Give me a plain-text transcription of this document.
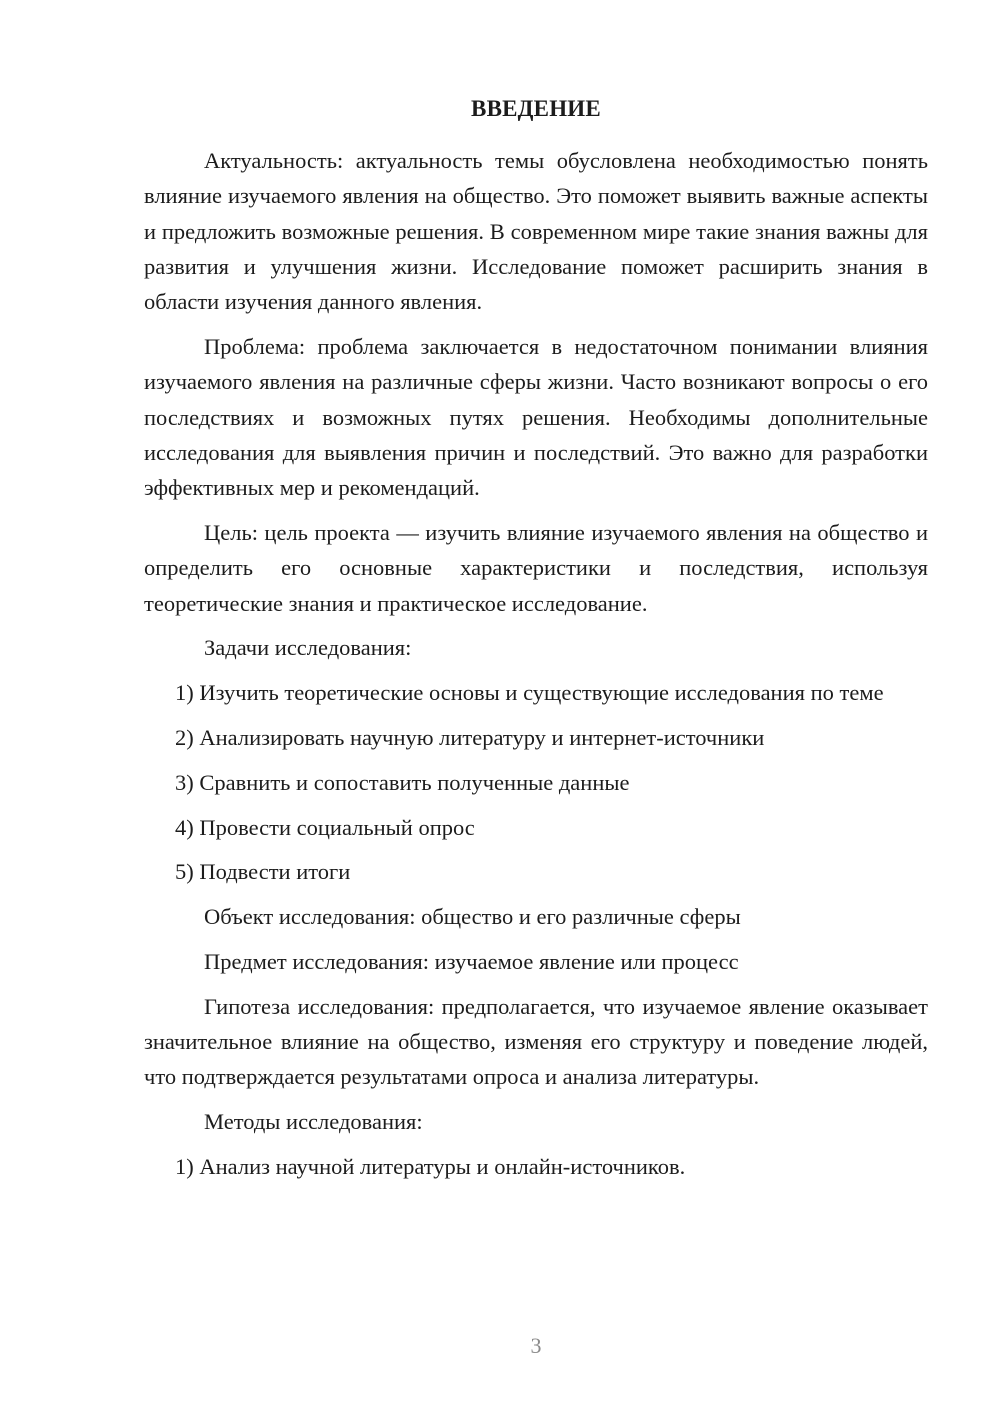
ВВЕДЕНИЕ

Актуальность: актуальность темы обусловлена необходимостью понять влияние изучаемого явления на общество. Это поможет выявить важные аспекты и предложить возможные решения. В современном мире такие знания важны для развития и улучшения жизни. Исследование поможет расширить знания в области изучения данного явления.

Проблема: проблема заключается в недостаточном понимании влияния изучаемого явления на различные сферы жизни. Часто возникают вопросы о его последствиях и возможных путях решения. Необходимы дополнительные исследования для выявления причин и последствий. Это важно для разработки эффективных мер и рекомендаций.

Цель: цель проекта — изучить влияние изучаемого явления на общество и определить его основные характеристики и последствия, используя теоретические знания и практическое исследование.

Задачи исследования:

1) Изучить теоретические основы и существующие исследования по теме

2) Анализировать научную литературу и интернет-источники

3) Сравнить и сопоставить полученные данные

4) Провести социальный опрос

5) Подвести итоги

Объект исследования: общество и его различные сферы

Предмет исследования: изучаемое явление или процесс

Гипотеза исследования: предполагается, что изучаемое явление оказывает значительное влияние на общество, изменяя его структуру и поведение людей, что подтверждается результатами опроса и анализа литературы.

Методы исследования:

1) Анализ научной литературы и онлайн-источников.

3
